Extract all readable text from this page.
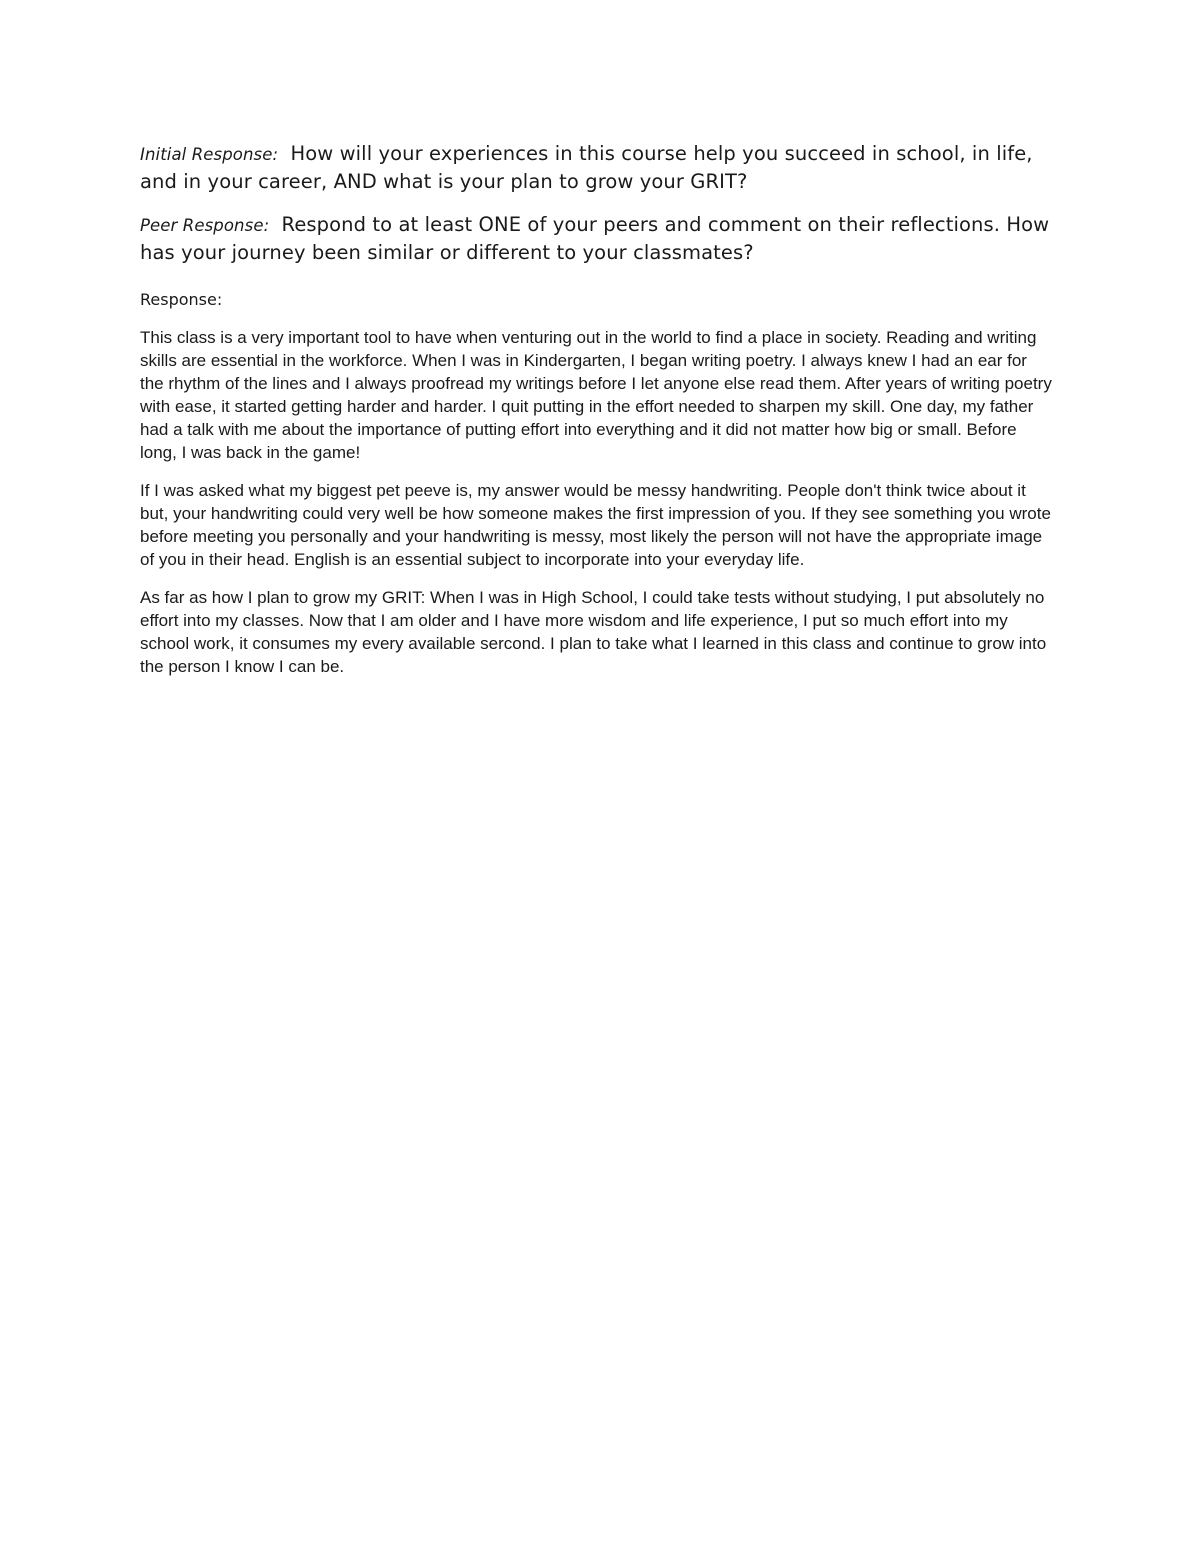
Initial Response: How will your experiences in this course help you succeed in school, in life, and in your career, AND what is your plan to grow your GRIT?

Peer Response: Respond to at least ONE of your peers and comment on their reflections. How has your journey been similar or different to your classmates?

Response:

This class is a very important tool to have when venturing out in the world to find a place in society. Reading and writing skills are essential in the workforce. When I was in Kindergarten, I began writing poetry. I always knew I had an ear for the rhythm of the lines and I always proofread my writings before I let anyone else read them. After years of writing poetry with ease, it started getting harder and harder. I quit putting in the effort needed to sharpen my skill. One day, my father had a talk with me about the importance of putting effort into everything and it did not matter how big or small. Before long, I was back in the game!

If I was asked what my biggest pet peeve is, my answer would be messy handwriting. People don't think twice about it but, your handwriting could very well be how someone makes the first impression of you. If they see something you wrote before meeting you personally and your handwriting is messy, most likely the person will not have the appropriate image of you in their head. English is an essential subject to incorporate into your everyday life.

As far as how I plan to grow my GRIT: When I was in High School, I could take tests without studying, I put absolutely no effort into my classes. Now that I am older and I have more wisdom and life experience, I put so much effort into my school work, it consumes my every available sercond. I plan to take what I learned in this class and continue to grow into the person I know I can be.
